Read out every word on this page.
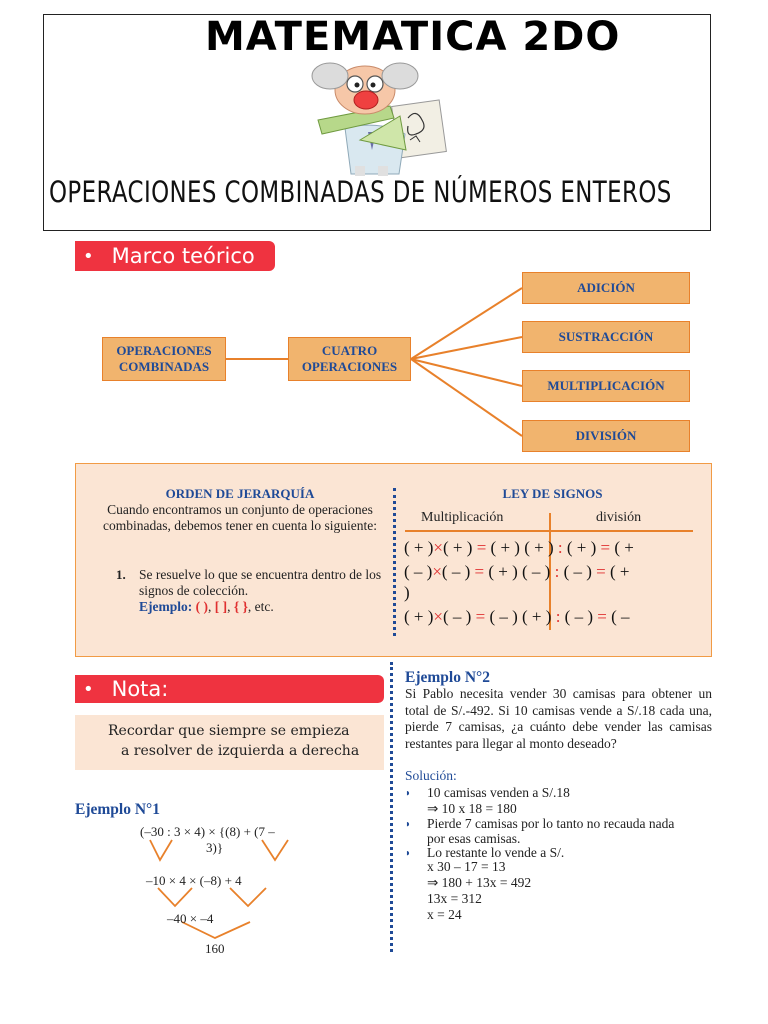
MATEMATICA 2DO
OPERACIONES COMBINADAS DE NÚMEROS ENTEROS
• Marco teórico
OPERACIONES COMBINADAS
CUATRO OPERACIONES
ADICIÓN
SUSTRACCIÓN
MULTIPLICACIÓN
DIVISIÓN
ORDEN DE JERARQUÍA
Cuando encontramos un conjunto de operaciones combinadas, debemos tener en cuenta lo siguiente:
1. Se resuelve lo que se encuentra dentro de los signos de colección.
Ejemplo: ( ), [ ], { }, etc.
LEY DE SIGNOS
Multiplicación	división
( + )×( + ) = ( + ) ( + ) : ( + ) = ( +
( – )×( – ) = ( + ) ( – ) : ( – ) = ( +
)
( + )×( – ) = ( – ) ( + ) : ( – ) = ( –
• Nota:
Recordar que siempre se empieza
a resolver de izquierda a derecha
Ejemplo N°1
(–30 : 3 × 4) × {(8) + (7 –
3)}
–10 × 4 × (–8) + 4
–40 × –4
160
Ejemplo N°2
Si Pablo necesita vender 30 camisas para obtener un total de S/.-492. Si 10 camisas vende a S/.18 cada una, pierde 7 camisas, ¿a cuánto debe vender las camisas restantes para llegar al monto deseado?
Solución:
◗
◗
◗
10 camisas venden a S/.18
⇒ 10 x 18 = 180
Pierde 7 camisas por lo tanto no recauda nada
por esas camisas.
Lo restante lo vende a S/.
x 30 – 17 = 13
⇒ 180 + 13x = 492
13x = 312
x = 24
